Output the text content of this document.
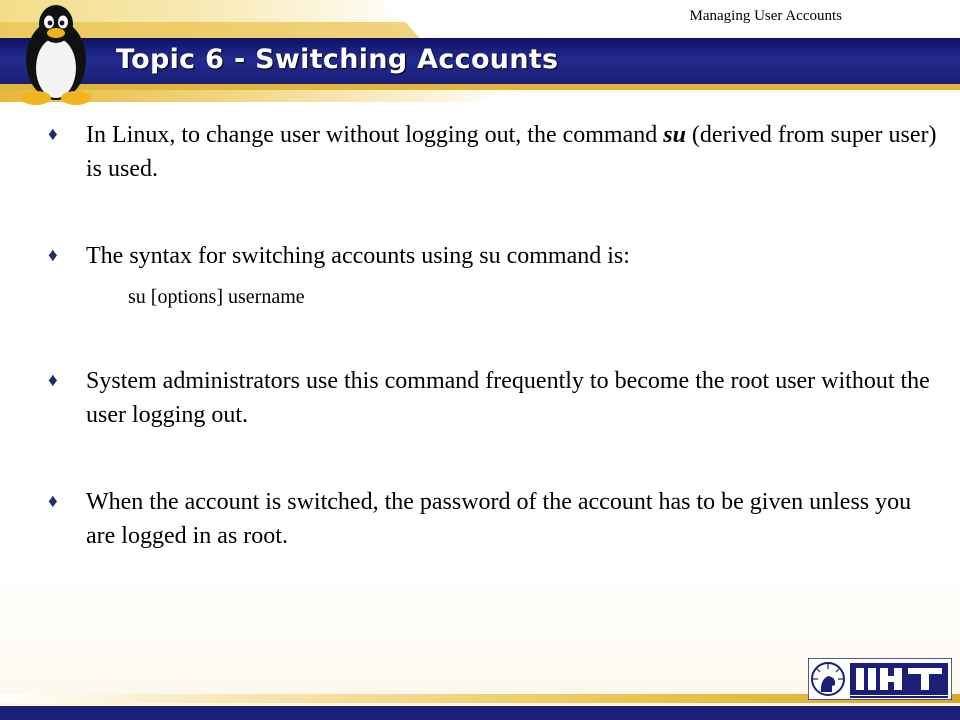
Topic 6 - Switching Accounts
Managing User Accounts
♦	In Linux, to change user without logging out, the command su (derived from super user) is used.
♦	The syntax for switching accounts using su command is:
su [options] username
♦	System administrators use this command frequently to become the root user without the user logging out.
♦	When the account is switched, the password of the account has to be given unless you are logged in as root.
